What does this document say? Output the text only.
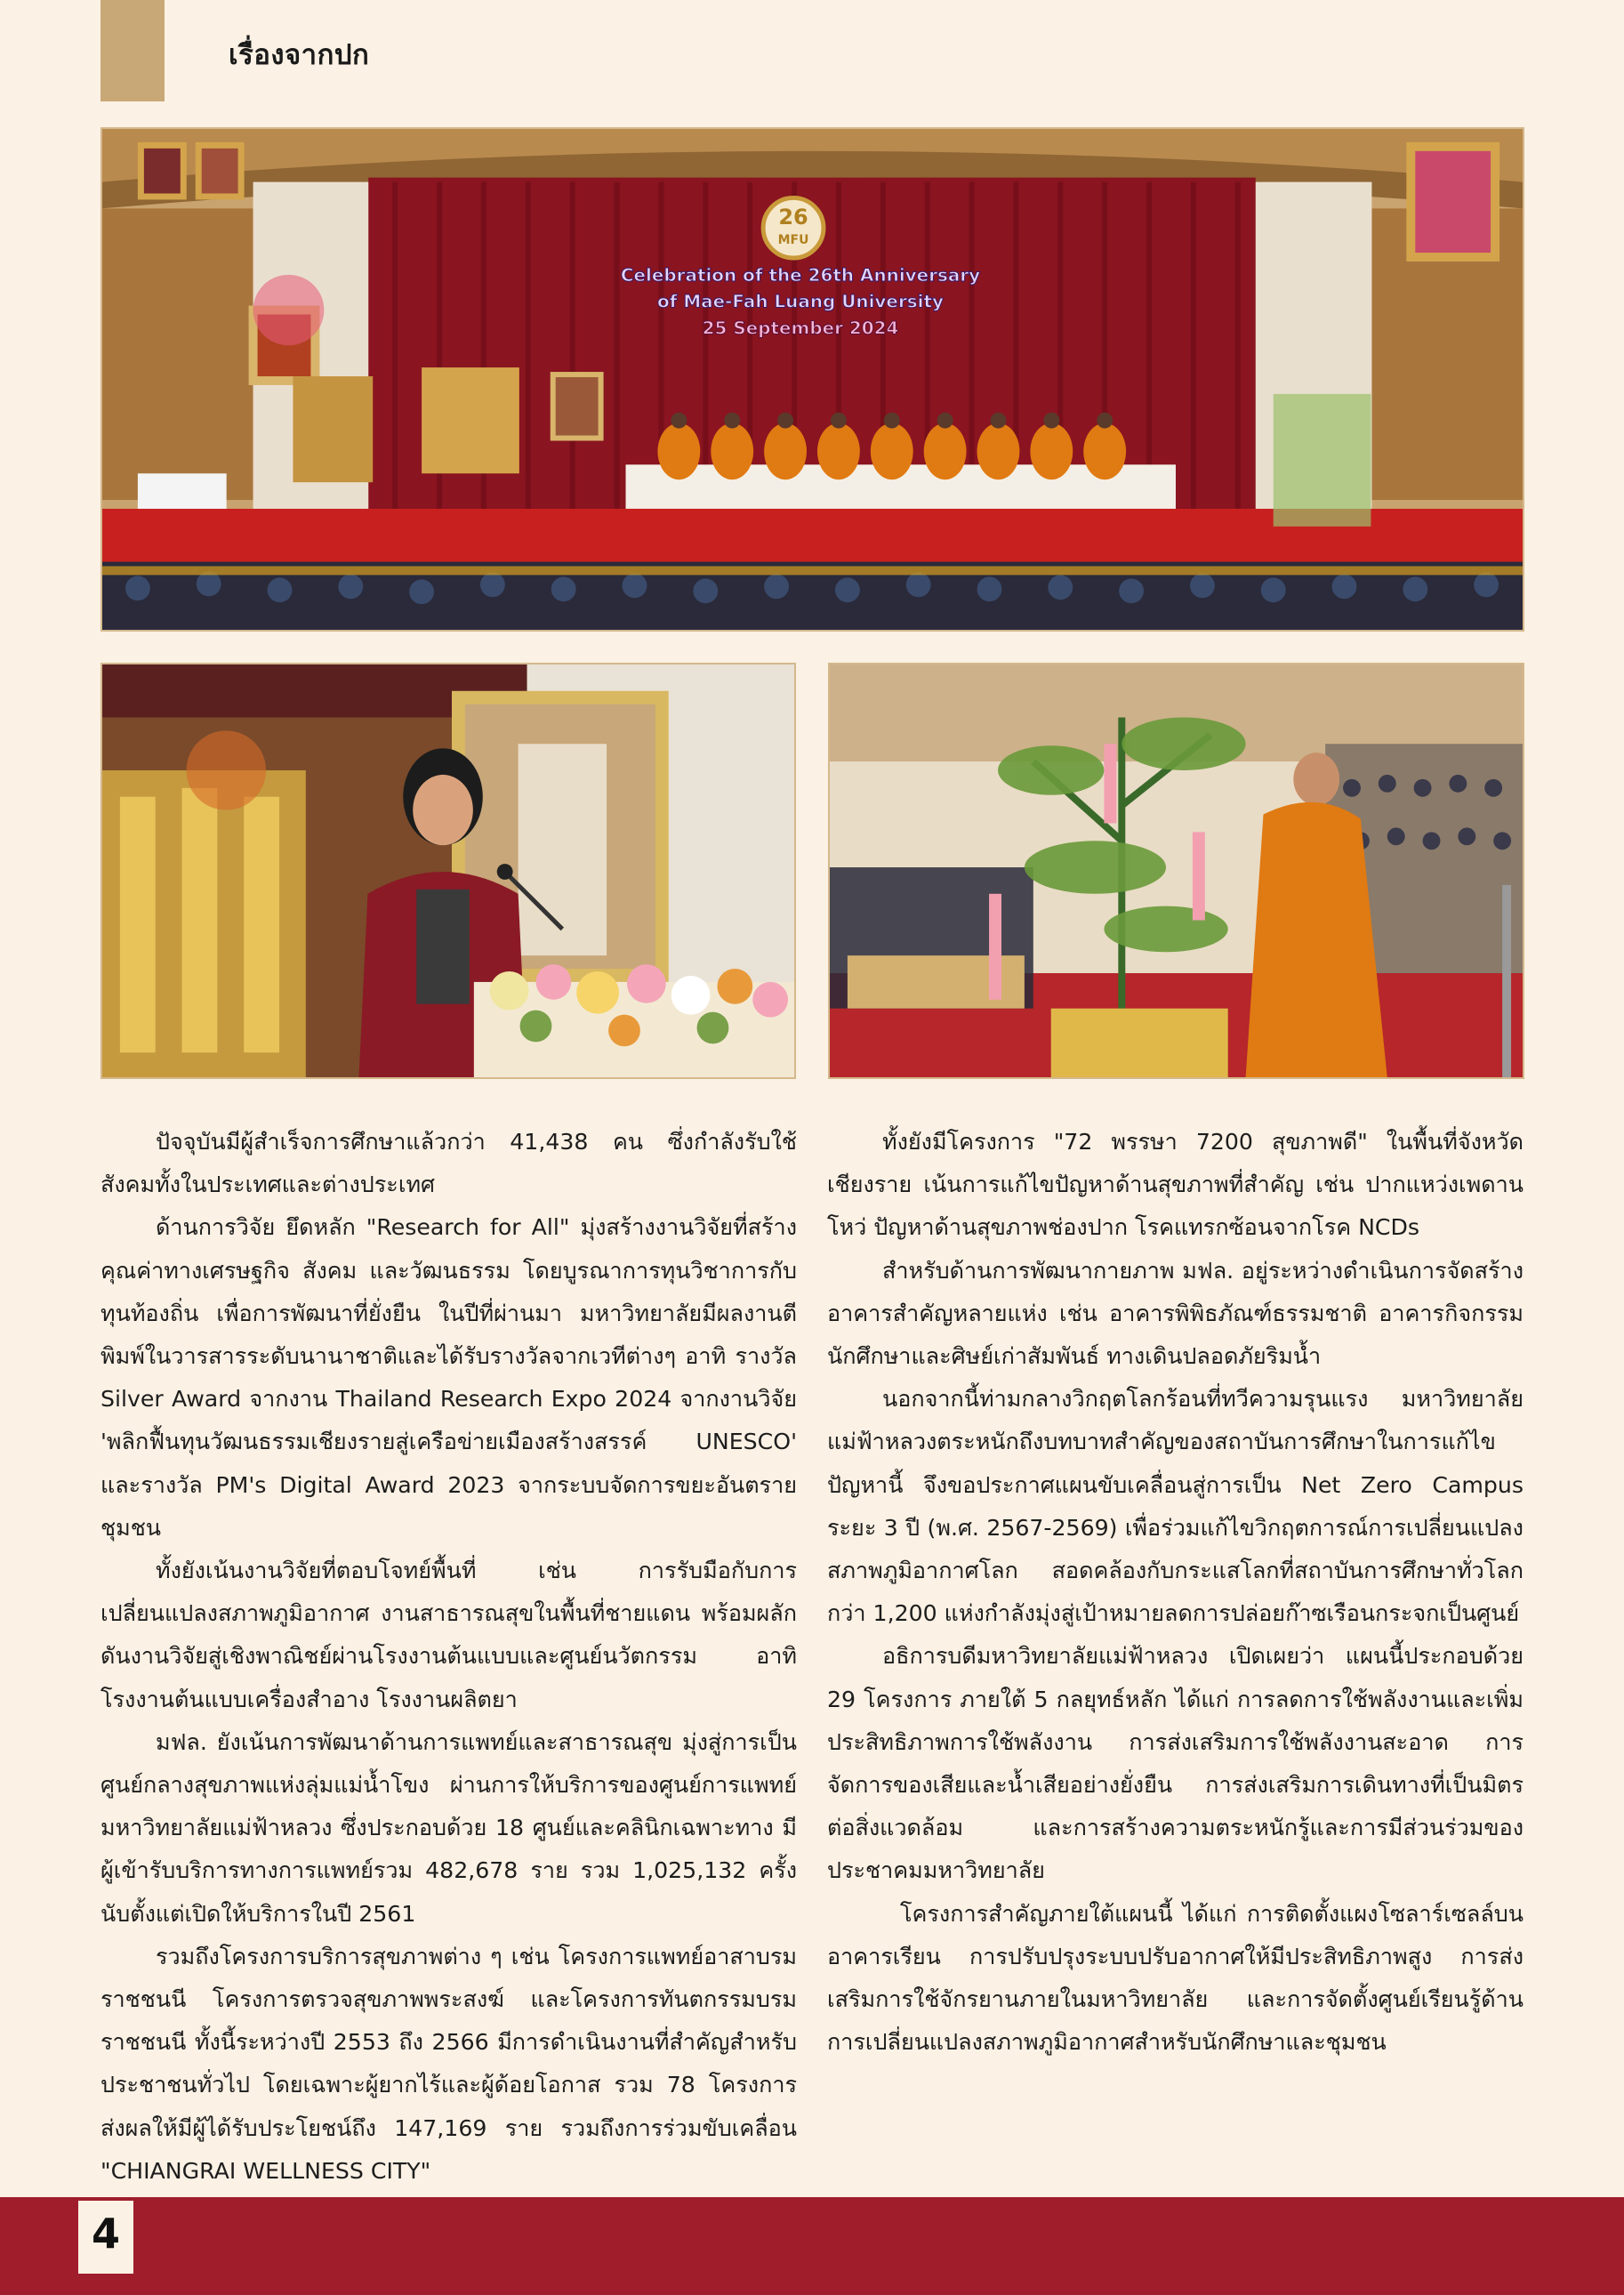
เรื่องจากปก
26
MFU
Celebration of the 26th Anniversary
of Mae-Fah Luang University
25 September 2024

ปัจจุบันมีผู้สำเร็จการศึกษาแล้วกว่า 41,438 คน ซึ่งกำลังรับใช้สังคมทั้งในประเทศและต่างประเทศ

ด้านการวิจัย ยึดหลัก "Research for All" มุ่งสร้างงานวิจัยที่สร้างคุณค่าทางเศรษฐกิจ สังคม และวัฒนธรรม โดยบูรณาการทุนวิชาการกับทุนท้องถิ่น เพื่อการพัฒนาที่ยั่งยืน ในปีที่ผ่านมา มหาวิทยาลัยมีผลงานตีพิมพ์ในวารสารระดับนานาชาติและได้รับรางวัลจากเวทีต่างๆ อาทิ รางวัล Silver Award จากงาน Thailand Research Expo 2024 จากงานวิจัย 'พลิกฟื้นทุนวัฒนธรรมเชียงรายสู่เครือข่ายเมืองสร้างสรรค์ UNESCO' และรางวัล PM's Digital Award 2023 จากระบบจัดการขยะอันตรายชุมชน

ทั้งยังเน้นงานวิจัยที่ตอบโจทย์พื้นที่ เช่น การรับมือกับการเปลี่ยนแปลงสภาพภูมิอากาศ งานสาธารณสุขในพื้นที่ชายแดน พร้อมผลักดันงานวิจัยสู่เชิงพาณิชย์ผ่านโรงงานต้นแบบและศูนย์นวัตกรรม อาทิ โรงงานต้นแบบเครื่องสำอาง โรงงานผลิตยา

มฟล. ยังเน้นการพัฒนาด้านการแพทย์และสาธารณสุข มุ่งสู่การเป็นศูนย์กลางสุขภาพแห่งลุ่มแม่น้ำโขง ผ่านการให้บริการของศูนย์การแพทย์มหาวิทยาลัยแม่ฟ้าหลวง ซึ่งประกอบด้วย 18 ศูนย์และคลินิกเฉพาะทาง มีผู้เข้ารับบริการทางการแพทย์รวม 482,678 ราย รวม 1,025,132 ครั้ง นับตั้งแต่เปิดให้บริการในปี 2561

รวมถึงโครงการบริการสุขภาพต่าง ๆ เช่น โครงการแพทย์อาสาบรมราชชนนี โครงการตรวจสุขภาพพระสงฆ์ และโครงการทันตกรรมบรมราชชนนี ทั้งนี้ระหว่างปี 2553 ถึง 2566 มีการดำเนินงานที่สำคัญสำหรับประชาชนทั่วไป โดยเฉพาะผู้ยากไร้และผู้ด้อยโอกาส รวม 78 โครงการ ส่งผลให้มีผู้ได้รับประโยชน์ถึง 147,169 ราย รวมถึงการร่วมขับเคลื่อน "CHIANGRAI WELLNESS CITY"

ทั้งยังมีโครงการ "72 พรรษา 7200 สุขภาพดี" ในพื้นที่จังหวัดเชียงราย เน้นการแก้ไขปัญหาด้านสุขภาพที่สำคัญ เช่น ปากแหว่งเพดานโหว่ ปัญหาด้านสุขภาพช่องปาก โรคแทรกซ้อนจากโรค NCDs

สำหรับด้านการพัฒนากายภาพ มฟล. อยู่ระหว่างดำเนินการจัดสร้างอาคารสำคัญหลายแห่ง เช่น อาคารพิพิธภัณฑ์ธรรมชาติ อาคารกิจกรรมนักศึกษาและศิษย์เก่าสัมพันธ์ ทางเดินปลอดภัยริมน้ำ

นอกจากนี้ท่ามกลางวิกฤตโลกร้อนที่ทวีความรุนแรง มหาวิทยาลัยแม่ฟ้าหลวงตระหนักถึงบทบาทสำคัญของสถาบันการศึกษาในการแก้ไขปัญหานี้ จึงขอประกาศแผนขับเคลื่อนสู่การเป็น Net Zero Campus ระยะ 3 ปี (พ.ศ. 2567-2569) เพื่อร่วมแก้ไขวิกฤตการณ์การเปลี่ยนแปลงสภาพภูมิอากาศโลก สอดคล้องกับกระแสโลกที่สถาบันการศึกษาทั่วโลกกว่า 1,200 แห่งกำลังมุ่งสู่เป้าหมายลดการปล่อยก๊าซเรือนกระจกเป็นศูนย์

อธิการบดีมหาวิทยาลัยแม่ฟ้าหลวง เปิดเผยว่า แผนนี้ประกอบด้วย 29 โครงการ ภายใต้ 5 กลยุทธ์หลัก ได้แก่ การลดการใช้พลังงานและเพิ่มประสิทธิภาพการใช้พลังงาน การส่งเสริมการใช้พลังงานสะอาด การจัดการของเสียและน้ำเสียอย่างยั่งยืน การส่งเสริมการเดินทางที่เป็นมิตรต่อสิ่งแวดล้อม และการสร้างความตระหนักรู้และการมีส่วนร่วมของประชาคมมหาวิทยาลัย

โครงการสำคัญภายใต้แผนนี้ ได้แก่ การติดตั้งแผงโซลาร์เซลล์บนอาคารเรียน การปรับปรุงระบบปรับอากาศให้มีประสิทธิภาพสูง การส่งเสริมการใช้จักรยานภายในมหาวิทยาลัย และการจัดตั้งศูนย์เรียนรู้ด้านการเปลี่ยนแปลงสภาพภูมิอากาศสำหรับนักศึกษาและชุมชน

4
